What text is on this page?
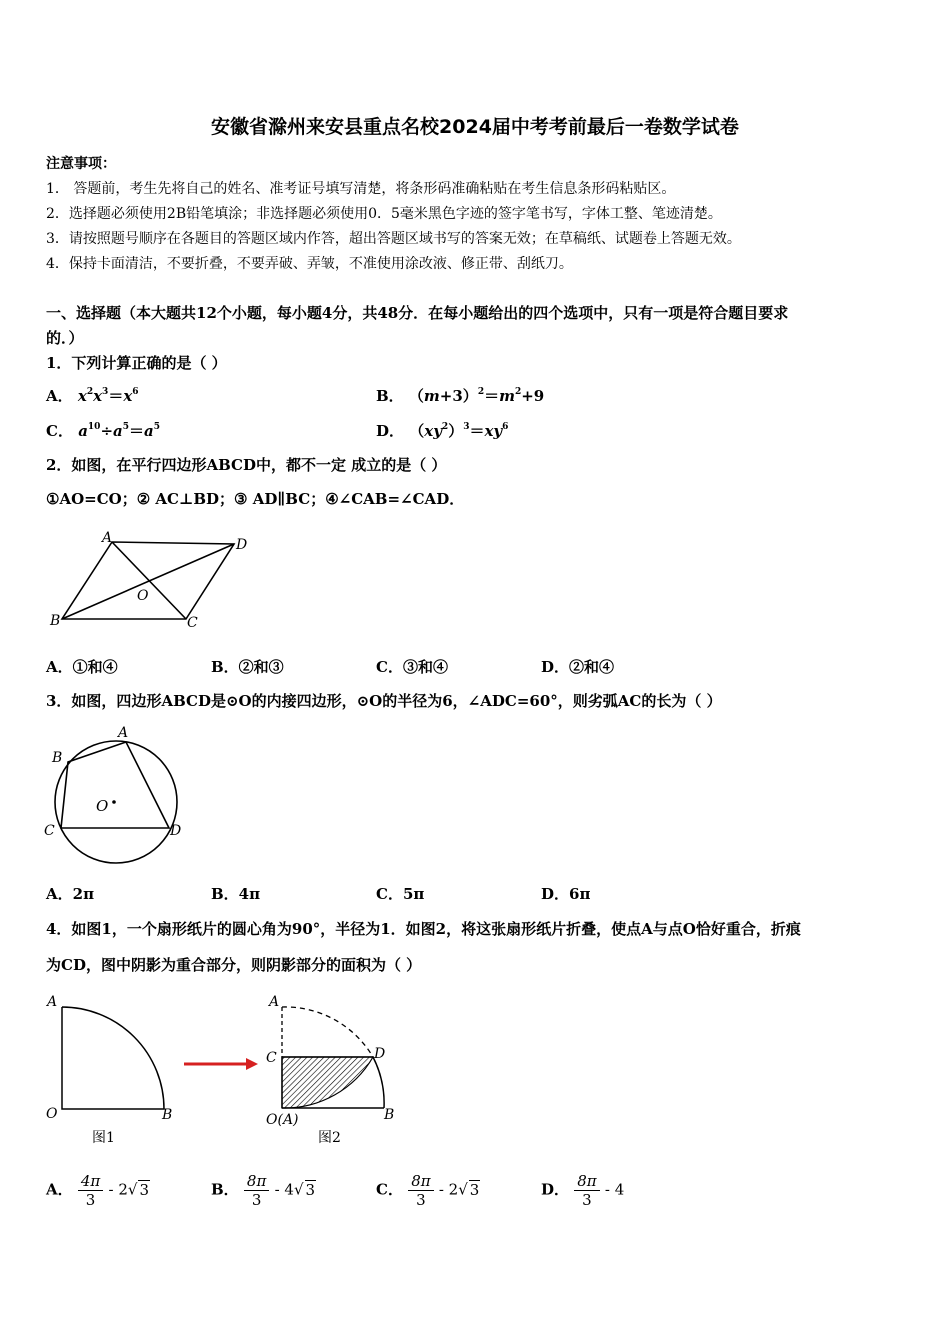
安徽省滁州来安县重点名校2024届中考考前最后一卷数学试卷
注意事项：
1． 答题前，考生先将自己的姓名、准考证号填写清楚，将条形码准确粘贴在考生信息条形码粘贴区。
2．选择题必须使用2B铅笔填涂；非选择题必须使用0．5毫米黑色字迹的签字笔书写，字体工整、笔迹清楚。
3．请按照题号顺序在各题目的答题区域内作答，超出答题区域书写的答案无效；在草稿纸、试题卷上答题无效。
4．保持卡面清洁，不要折叠，不要弄破、弄皱，不准使用涂改液、修正带、刮纸刀。
一、选择题（本大题共12个小题，每小题4分，共48分．在每小题给出的四个选项中，只有一项是符合题目要求
的．）
1．下列计算正确的是（ ）
A． $x^2x^3=x^6$	B． $(m+3)^2=m^2+9$
C． $a^{10}\div a^5=a^5$	D． $(xy^2)^3=xy^6$
2．如图，在平行四边形ABCD中，都不一定 成立的是（ ）
①AO=CO；② AC⊥BD；③ AD∥BC；④∠CAB=∠CAD．
A	D
O
B	C
A．①和④	B．②和③	C．③和④	D．②和④
3．如图，四边形ABCD是⊙O的内接四边形，⊙O的半径为6，∠ADC=60°，则劣弧AC的长为（ ）
A
B
O
C	D
A．2π	B．4π	C．5π	D．6π
4．如图1，一个扇形纸片的圆心角为90°，半径为1．如图2，将这张扇形纸片折叠，使点A与点O恰好重合，折痕
为CD，图中阴影为重合部分，则阴影部分的面积为（ ）
A
O	B
图1
A
C	D
O(A)	B
图2
A． $\frac{4\pi}{3} - 2√$ 3	B． $\frac{8\pi}{3} - 4√$ 3	C． $\frac{8\pi}{3} - 2√$ 3	D． $\frac{8\pi}{3} - 4$
